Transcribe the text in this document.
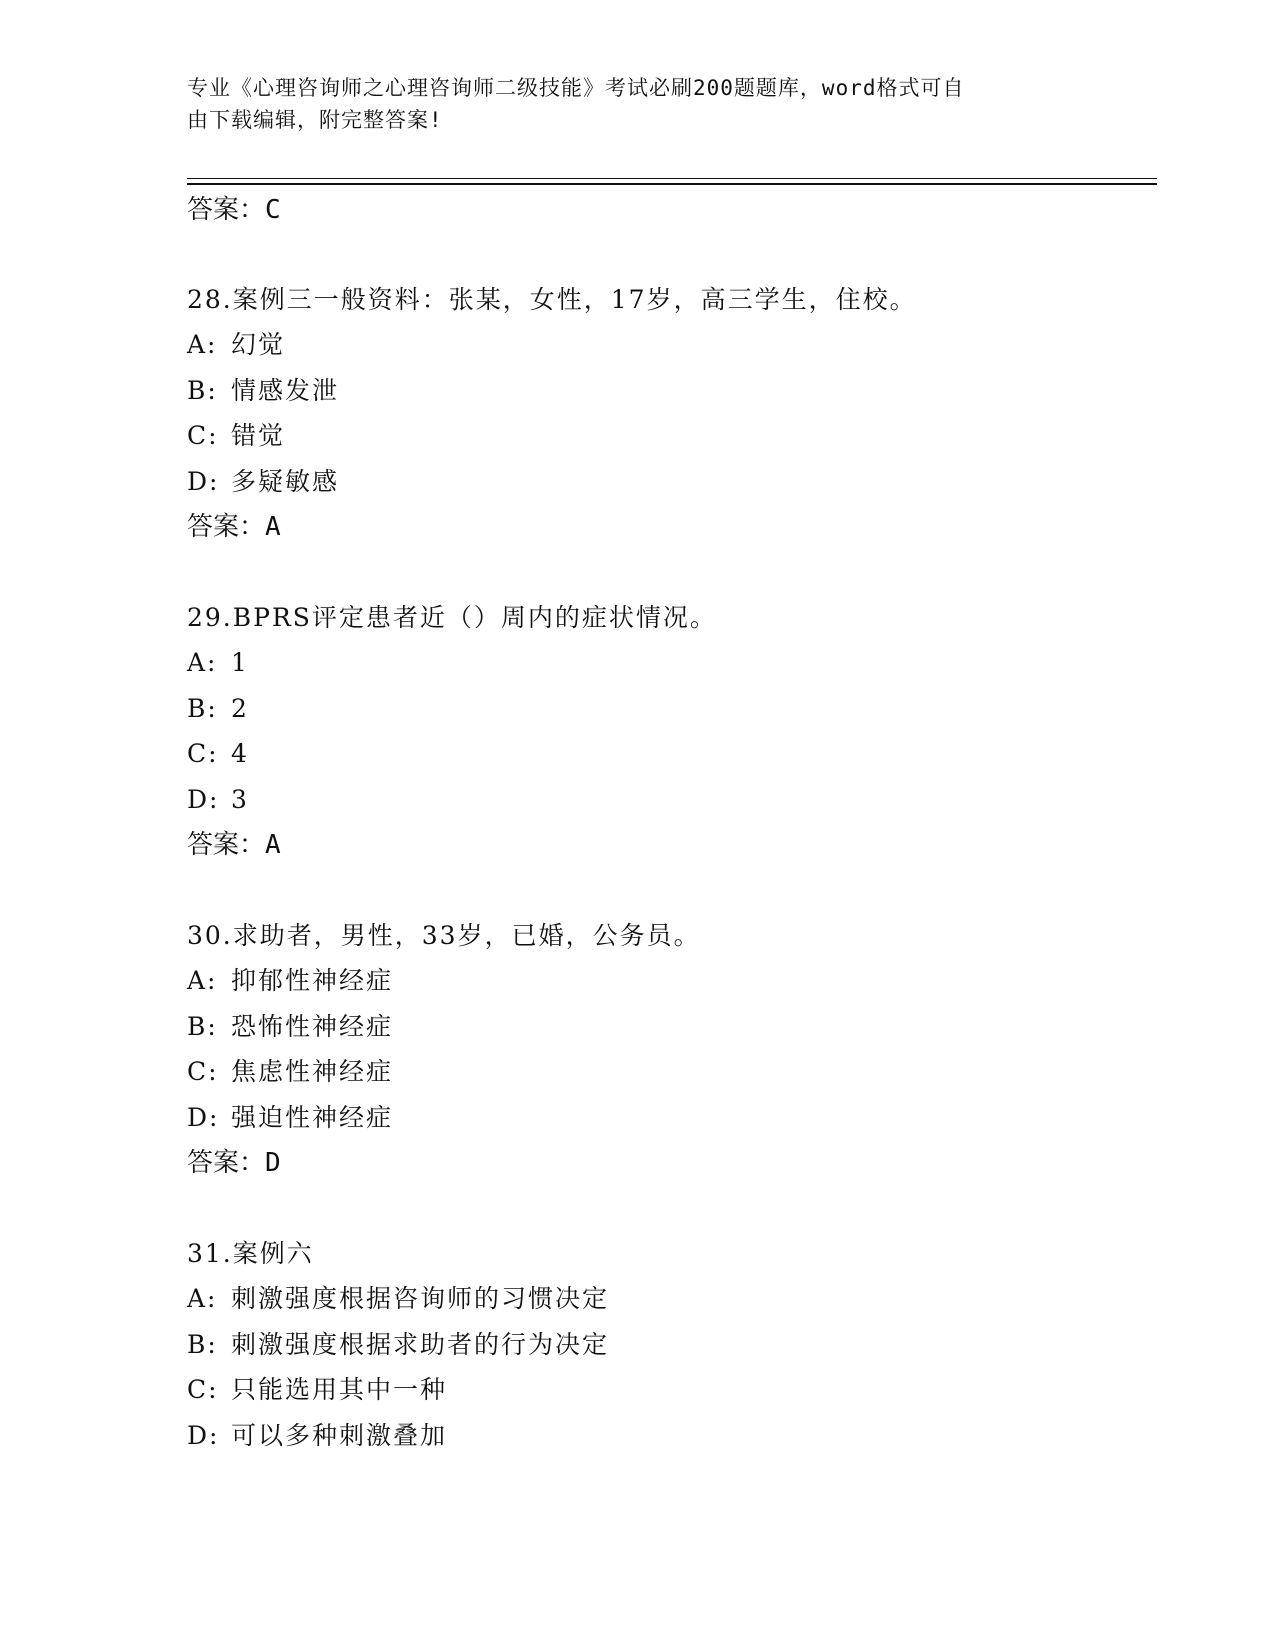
专业《心理咨询师之心理咨询师二级技能》考试必刷200题题库，word格式可自
由下载编辑，附完整答案!
答案：C
28.案例三一般资料：张某，女性，17岁，高三学生，住校。
A: 幻觉
B: 情感发泄
C: 错觉
D: 多疑敏感
答案：A
29.BPRS评定患者近（）周内的症状情况。
A: 1
B: 2
C: 4
D: 3
答案：A
30.求助者，男性，33岁，已婚，公务员。
A: 抑郁性神经症
B: 恐怖性神经症
C: 焦虑性神经症
D: 强迫性神经症
答案：D
31.案例六
A: 刺激强度根据咨询师的习惯决定
B: 刺激强度根据求助者的行为决定
C: 只能选用其中一种
D: 可以多种刺激叠加
